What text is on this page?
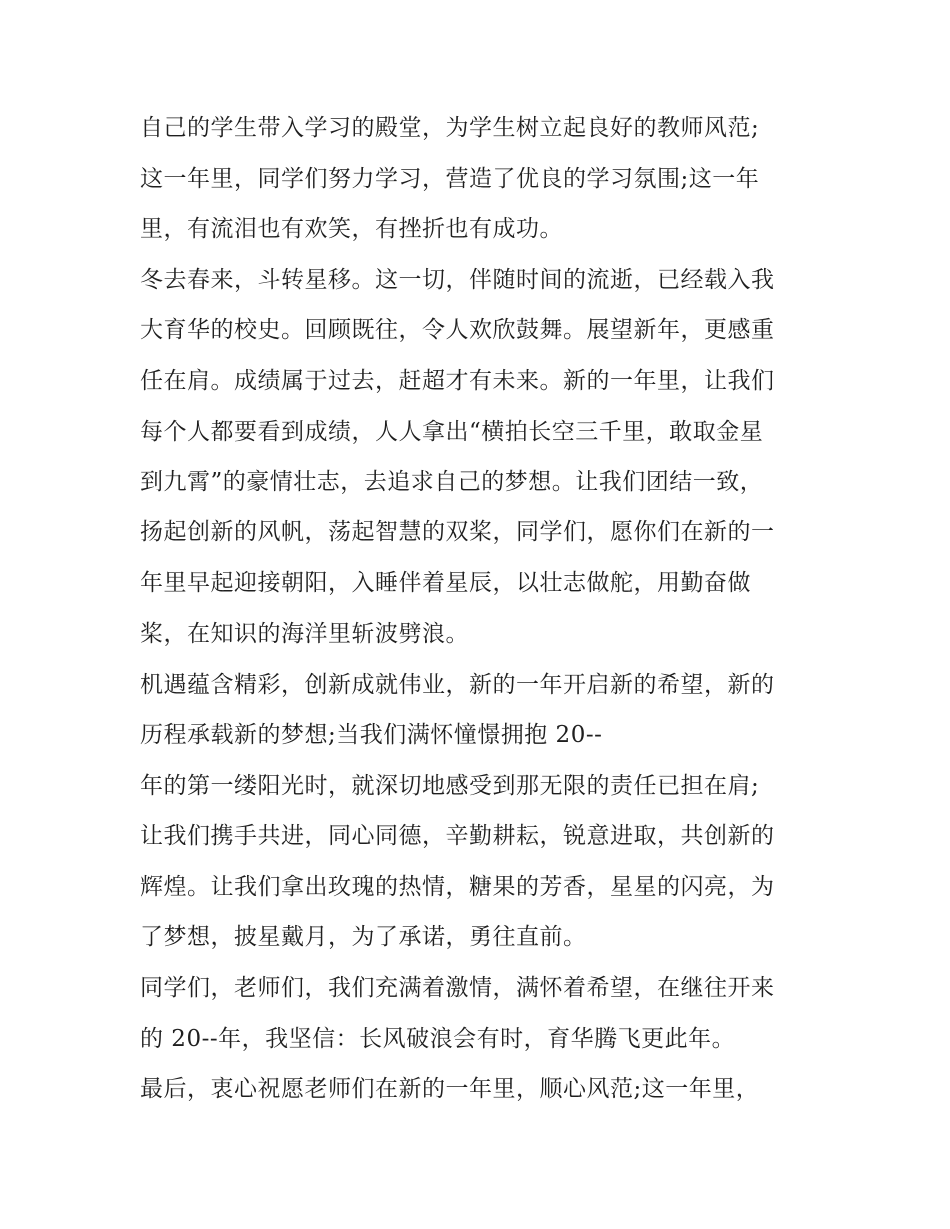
自己的学生带入学习的殿堂，为学生树立起良好的教师风范;
这一年里，同学们努力学习，营造了优良的学习氛围;这一年
里，有流泪也有欢笑，有挫折也有成功。
冬去春来，斗转星移。这一切，伴随时间的流逝，已经载入我
大育华的校史。回顾既往，令人欢欣鼓舞。展望新年，更感重
任在肩。成绩属于过去，赶超才有未来。新的一年里，让我们
每个人都要看到成绩，人人拿出“横拍长空三千里，敢取金星
到九霄”的豪情壮志，去追求自己的梦想。让我们团结一致，
扬起创新的风帆，荡起智慧的双桨，同学们，愿你们在新的一
年里早起迎接朝阳，入睡伴着星辰，以壮志做舵，用勤奋做
桨，在知识的海洋里斩波劈浪。
机遇蕴含精彩，创新成就伟业，新的一年开启新的希望，新的
历程承载新的梦想;当我们满怀憧憬拥抱 20--
年的第一缕阳光时，就深切地感受到那无限的责任已担在肩;
让我们携手共进，同心同德，辛勤耕耘，锐意进取，共创新的
辉煌。让我们拿出玫瑰的热情，糖果的芳香，星星的闪亮，为
了梦想，披星戴月，为了承诺，勇往直前。
同学们，老师们，我们充满着激情，满怀着希望，在继往开来
的 20--年，我坚信：长风破浪会有时，育华腾飞更此年。
最后，衷心祝愿老师们在新的一年里，顺心风范;这一年里，
